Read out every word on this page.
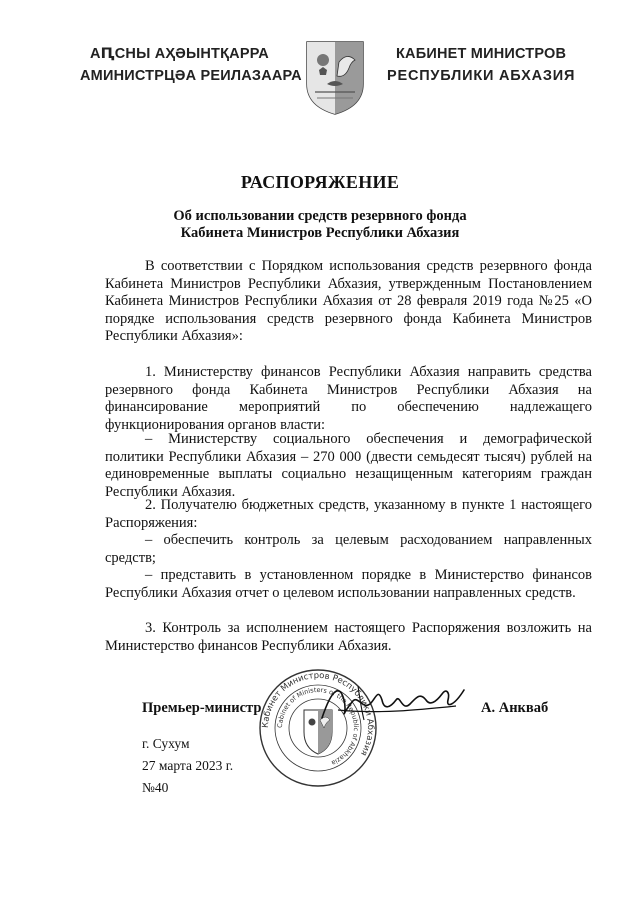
АԤСНЫ АҲӘЫНТҚАРРА
АМИНИСТРЦӘА РЕИЛАЗААРА
КАБИНЕТ МИНИСТРОВ
РЕСПУБЛИКИ АБХАЗИЯ
РАСПОРЯЖЕНИЕ
Об использовании средств резервного фонда
Кабинета Министров Республики Абхазия

В соответствии с Порядком использования средств резервного фонда Кабинета Министров Республики Абхазия, утвержденным Постановлением Кабинета Министров Республики Абхазия от 28 февраля 2019 года №25 «О порядке использования средств резервного фонда Кабинета Министров Республики Абхазия»:

1. Министерству финансов Республики Абхазия направить средства резервного фонда Кабинета Министров Республики Абхазия на финансирование мероприятий по обеспечению надлежащего функционирования органов власти:

– Министерству социального обеспечения и демографической политики Республики Абхазия – 270 000 (двести семьдесят тысяч) рублей на единовременные выплаты социально незащищенным категориям граждан Республики Абхазия.

2. Получателю бюджетных средств, указанному в пункте 1 настоящего Распоряжения:

– обеспечить контроль за целевым расходованием направленных средств;

– представить в установленном порядке в Министерство финансов Республики Абхазия отчет о целевом использовании направленных средств.

3. Контроль за исполнением настоящего Распоряжения возложить на Министерство финансов Республики Абхазия.

Кабинет Министров Республики Абхазия
Cabinet of Ministers of the Republic of Abkhazia
Премьер-министр	А. Анкваб
г. Сухум
27 марта 2023 г.
№40
